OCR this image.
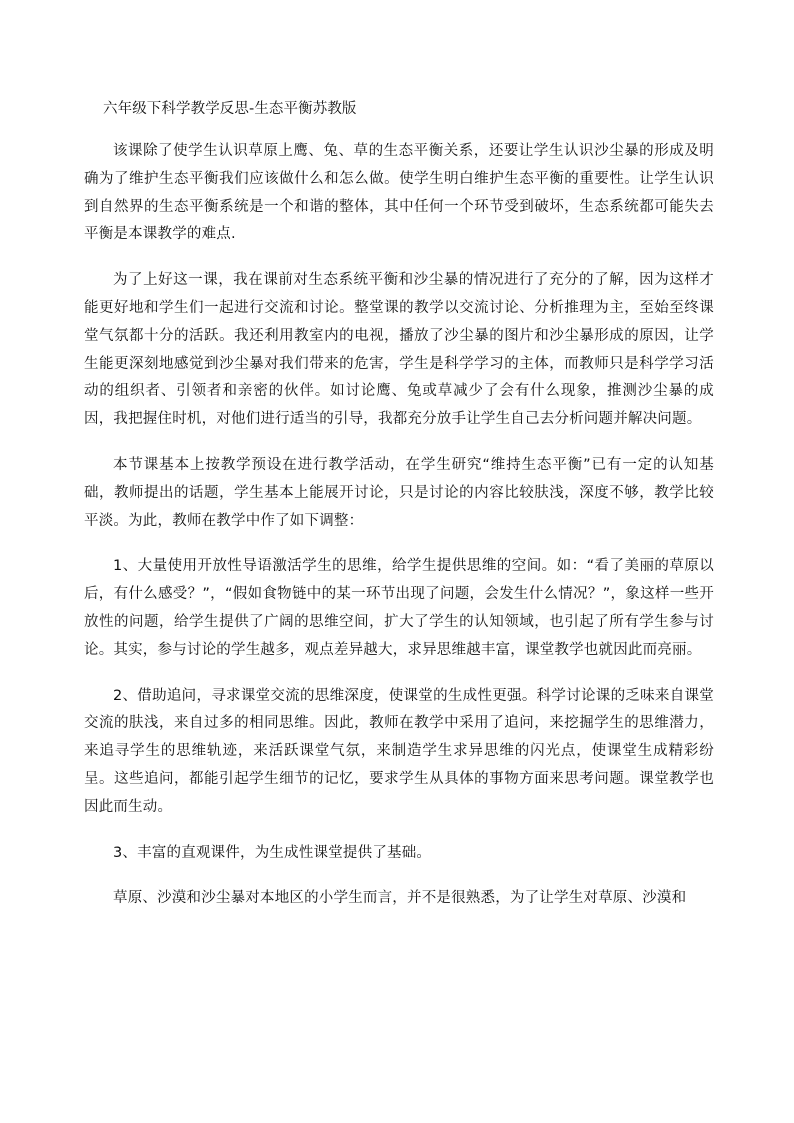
六年级下科学教学反思-生态平衡苏教版

该课除了使学生认识草原上鹰、兔、草的生态平衡关系，还要让学生认识沙尘暴的形成及明确为了维护生态平衡我们应该做什么和怎么做。使学生明白维护生态平衡的重要性。让学生认识到自然界的生态平衡系统是一个和谐的整体，其中任何一个环节受到破坏，生态系统都可能失去平衡是本课教学的难点.

为了上好这一课，我在课前对生态系统平衡和沙尘暴的情况进行了充分的了解，因为这样才能更好地和学生们一起进行交流和讨论。整堂课的教学以交流讨论、分析推理为主，至始至终课堂气氛都十分的活跃。我还利用教室内的电视，播放了沙尘暴的图片和沙尘暴形成的原因，让学生能更深刻地感觉到沙尘暴对我们带来的危害，学生是科学学习的主体，而教师只是科学学习活动的组织者、引领者和亲密的伙伴。如讨论鹰、兔或草减少了会有什么现象，推测沙尘暴的成因，我把握住时机，对他们进行适当的引导，我都充分放手让学生自己去分析问题并解决问题。

本节课基本上按教学预设在进行教学活动，在学生研究“维持生态平衡”已有一定的认知基础，教师提出的话题，学生基本上能展开讨论，只是讨论的内容比较肤浅，深度不够，教学比较平淡。为此，教师在教学中作了如下调整：

1、大量使用开放性导语激活学生的思维，给学生提供思维的空间。如：“看了美丽的草原以后，有什么感受？”，“假如食物链中的某一环节出现了问题，会发生什么情况？”，象这样一些开放性的问题，给学生提供了广阔的思维空间，扩大了学生的认知领域，也引起了所有学生参与讨论。其实，参与讨论的学生越多，观点差异越大，求异思维越丰富，课堂教学也就因此而亮丽。

2、借助追问，寻求课堂交流的思维深度，使课堂的生成性更强。科学讨论课的乏味来自课堂交流的肤浅，来自过多的相同思维。因此，教师在教学中采用了追问，来挖掘学生的思维潜力，来追寻学生的思维轨迹，来活跃课堂气氛，来制造学生求异思维的闪光点，使课堂生成精彩纷呈。这些追问，都能引起学生细节的记忆，要求学生从具体的事物方面来思考问题。课堂教学也因此而生动。

3、丰富的直观课件，为生成性课堂提供了基础。

草原、沙漠和沙尘暴对本地区的小学生而言，并不是很熟悉，为了让学生对草原、沙漠和
